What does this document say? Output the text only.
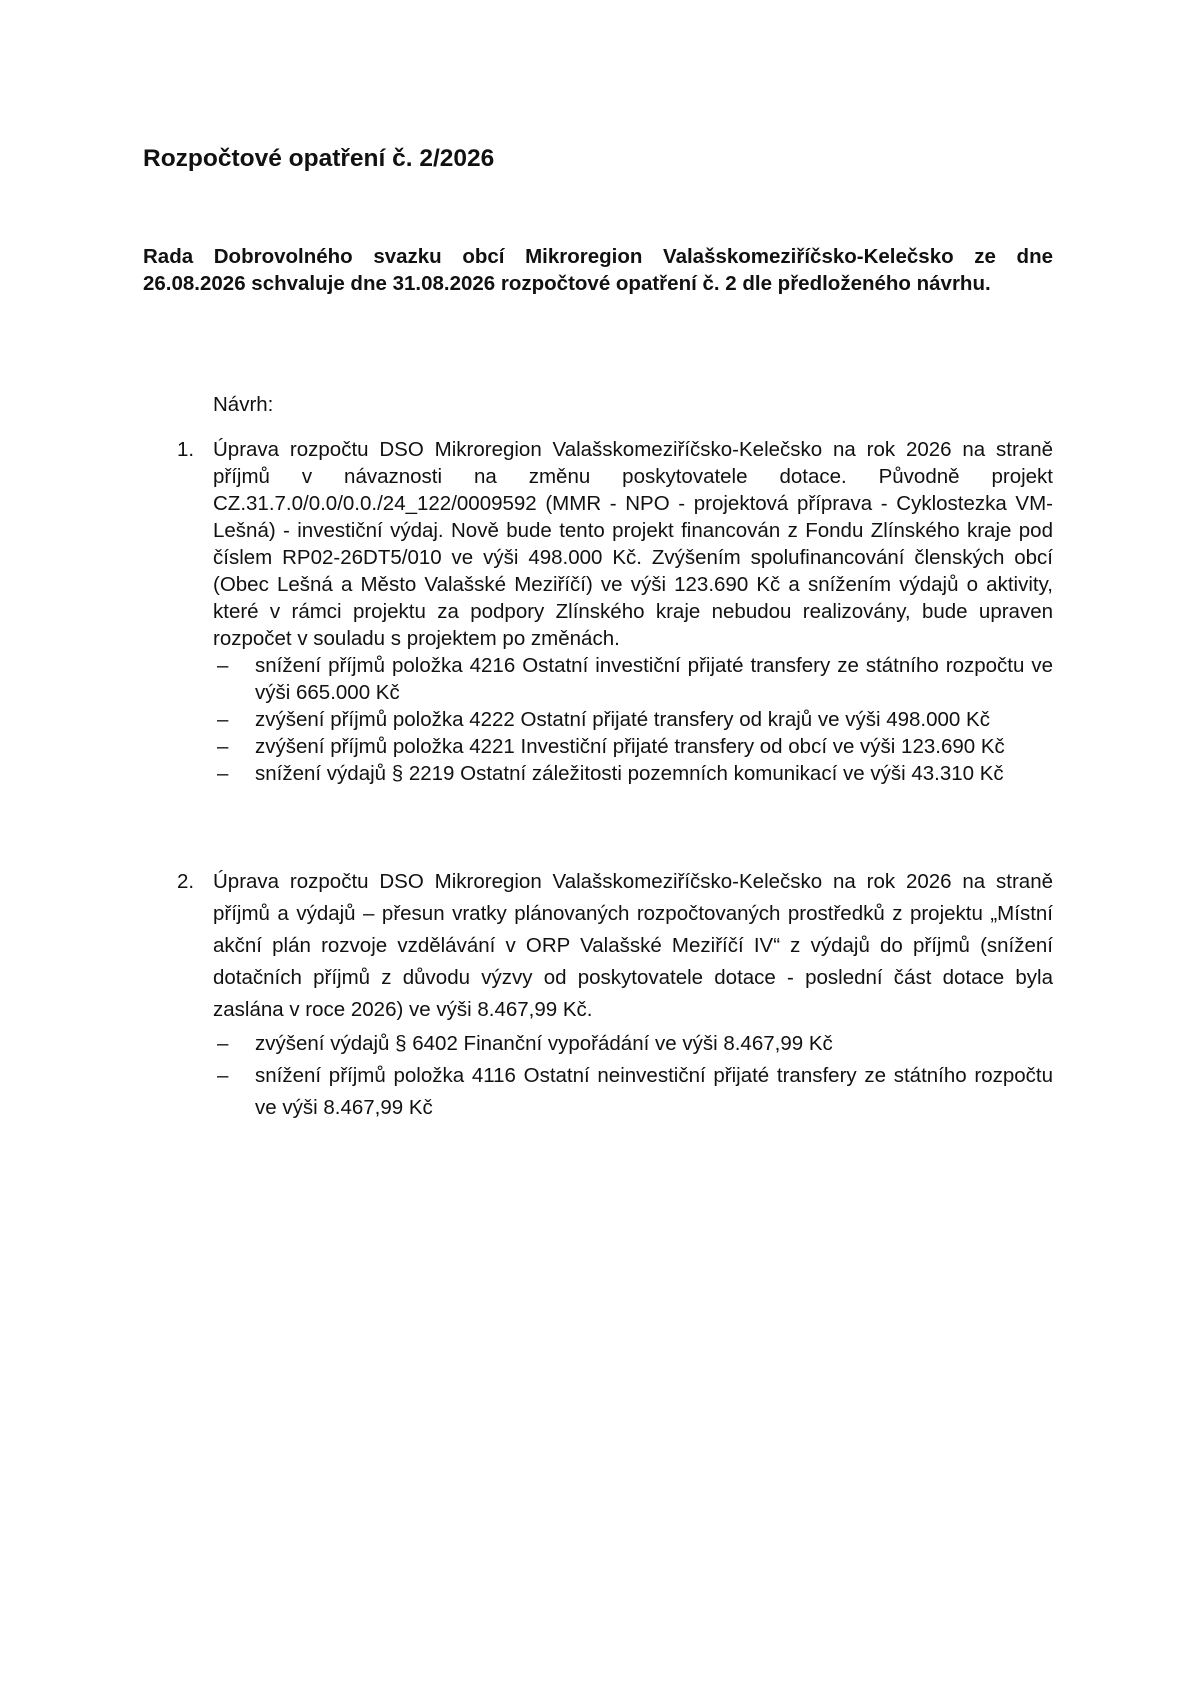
Rozpočtové opatření č. 2/2026

Rada Dobrovolného svazku obcí Mikroregion Valašskomeziříčsko-Kelečsko ze dne 26.08.2026 schvaluje dne 31.08.2026 rozpočtové opatření č. 2 dle předloženého návrhu.

Návrh:

1. Úprava rozpočtu DSO Mikroregion Valašskomeziříčsko-Kelečsko na rok 2026 na straně příjmů v návaznosti na změnu poskytovatele dotace. Původně projekt CZ.31.7.0/0.0/0.0./24_122/0009592 (MMR - NPO - projektová příprava - Cyklostezka VM-Lešná) - investiční výdaj. Nově bude tento projekt financován z Fondu Zlínského kraje pod číslem RP02-26DT5/010 ve výši 498.000 Kč. Zvýšením spolufinancování členských obcí (Obec Lešná a Město Valašské Meziříčí) ve výši 123.690 Kč a snížením výdajů o aktivity, které v rámci projektu za podpory Zlínského kraje nebudou realizovány, bude upraven rozpočet v souladu s projektem po změnách.

– snížení příjmů položka 4216 Ostatní investiční přijaté transfery ze státního rozpočtu ve výši 665.000 Kč
– zvýšení příjmů položka 4222 Ostatní přijaté transfery od krajů ve výši 498.000 Kč
– zvýšení příjmů položka 4221 Investiční přijaté transfery od obcí ve výši 123.690 Kč
– snížení výdajů § 2219 Ostatní záležitosti pozemních komunikací ve výši 43.310 Kč
2. Úprava rozpočtu DSO Mikroregion Valašskomeziříčsko-Kelečsko na rok 2026 na straně příjmů a výdajů – přesun vratky plánovaných rozpočtovaných prostředků z projektu „Místní akční plán rozvoje vzdělávání v ORP Valašské Meziříčí IV“ z výdajů do příjmů (snížení dotačních příjmů z důvodu výzvy od poskytovatele dotace - poslední část dotace byla zaslána v roce 2026) ve výši 8.467,99 Kč.

– zvýšení výdajů § 6402 Finanční vypořádání ve výši 8.467,99 Kč
– snížení příjmů položka 4116 Ostatní neinvestiční přijaté transfery ze státního rozpočtu ve výši 8.467,99 Kč
